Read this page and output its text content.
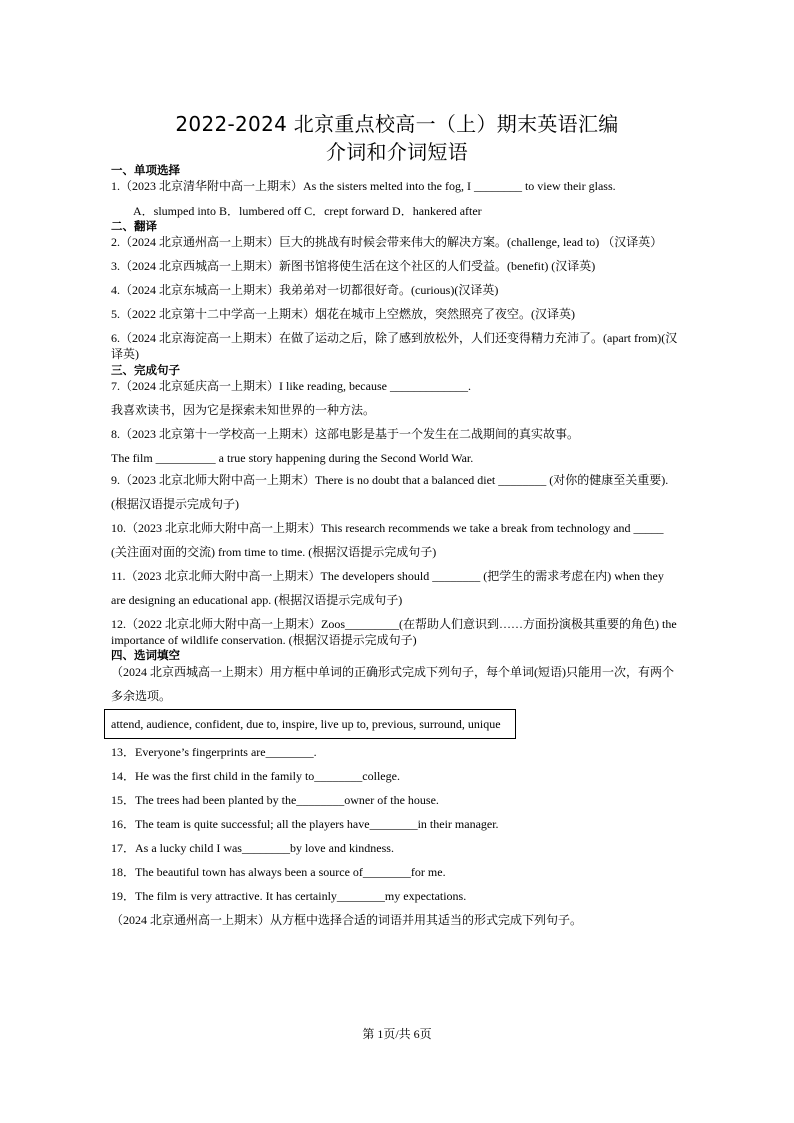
2022-2024 北京重点校高一（上）期末英语汇编
介词和介词短语
一、单项选择
1.（2023 北京清华附中高一上期末）As the sisters melted into the fog, I ________ to view their glass.
A．slumped into B．lumbered off C．crept forward D．hankered after
二、翻译
2.（2024 北京通州高一上期末）巨大的挑战有时候会带来伟大的解决方案。(challenge, lead to) （汉译英）
3.（2024 北京西城高一上期末）新图书馆将使生活在这个社区的人们受益。(benefit) (汉译英)
4.（2024 北京东城高一上期末）我弟弟对一切都很好奇。(curious)(汉译英)
5.（2022 北京第十二中学高一上期末）烟花在城市上空燃放，突然照亮了夜空。(汉译英)
6.（2024 北京海淀高一上期末）在做了运动之后，除了感到放松外，人们还变得精力充沛了。(apart from)(汉译英)
三、完成句子
7.（2024 北京延庆高一上期末）I like reading, because _____________.
我喜欢读书，因为它是探索未知世界的一种方法。
8.（2023 北京第十一学校高一上期末）这部电影是基于一个发生在二战期间的真实故事。
The film __________ a true story happening during the Second World War.
9.（2023 北京北师大附中高一上期末）There is no doubt that a balanced diet ________ (对你的健康至关重要).
(根据汉语提示完成句子)
10.（2023 北京北师大附中高一上期末）This research recommends we take a break from technology and _____
(关注面对面的交流) from time to time. (根据汉语提示完成句子)
11.（2023 北京北师大附中高一上期末）The developers should ________ (把学生的需求考虑在内) when they
are designing an educational app. (根据汉语提示完成句子)
12.（2022 北京北师大附中高一上期末）Zoos_________(在帮助人们意识到……方面扮演极其重要的角色) the
importance of wildlife conservation. (根据汉语提示完成句子)
四、选词填空
（2024 北京西城高一上期末）用方框中单词的正确形式完成下列句子，每个单词(短语)只能用一次，有两个
多余选项。
attend, audience, confident, due to, inspire, live up to, previous, surround, unique
13．Everyone’s fingerprints are________.
14．He was the first child in the family to________college.
15．The trees had been planted by the________owner of the house.
16．The team is quite successful; all the players have________in their manager.
17．As a lucky child I was________by love and kindness.
18．The beautiful town has always been a source of________for me.
19．The film is very attractive. It has certainly________my expectations.
（2024 北京通州高一上期末）从方框中选择合适的词语并用其适当的形式完成下列句子。
第 1页/共 6页
